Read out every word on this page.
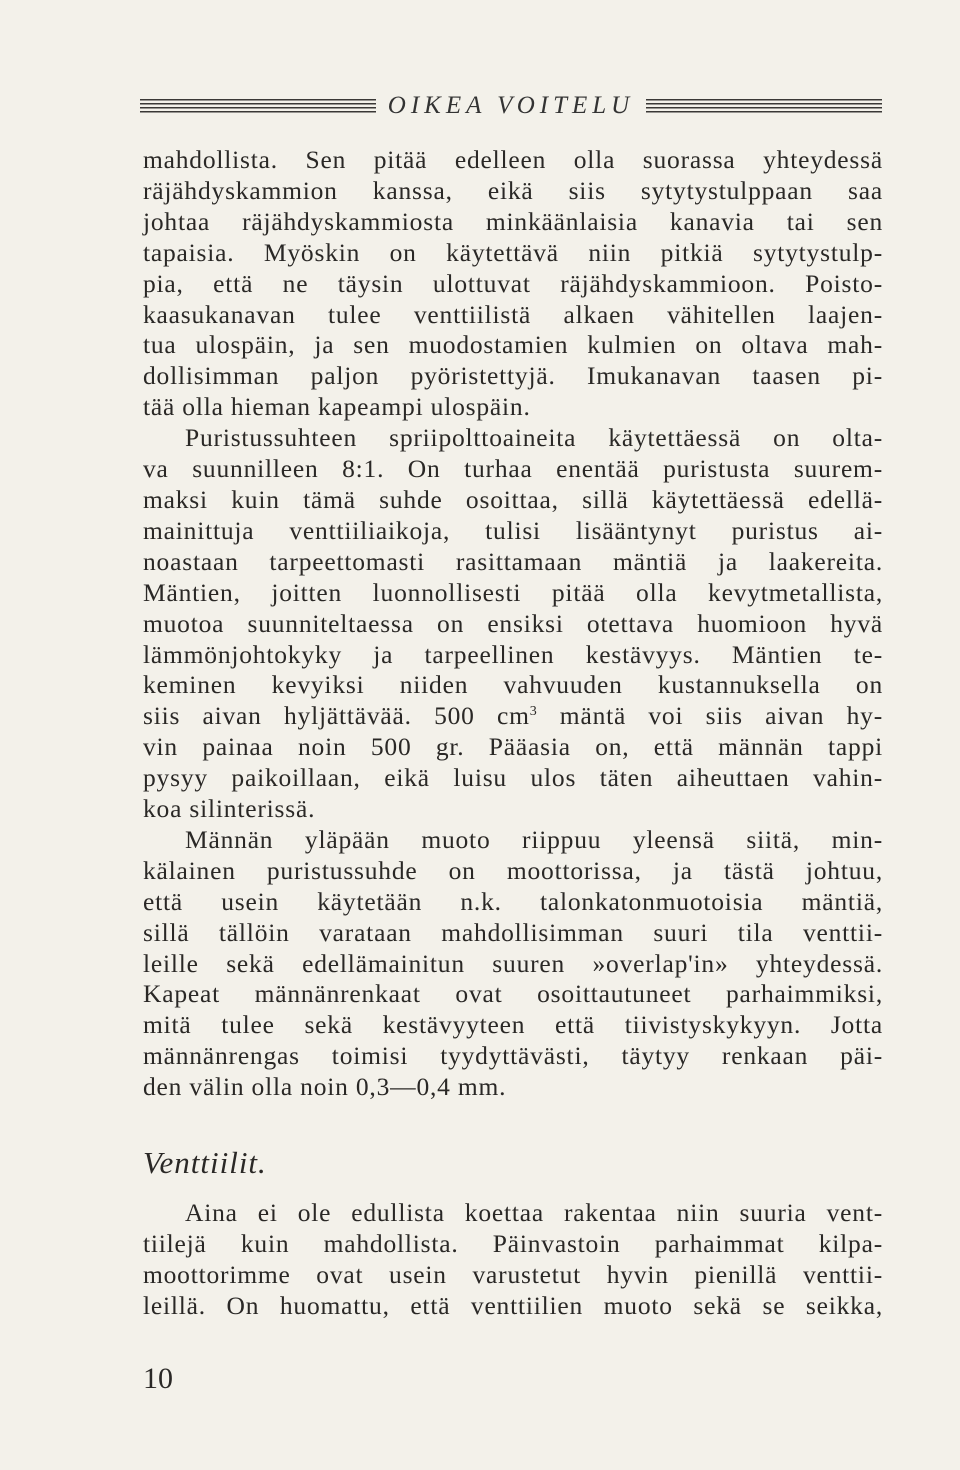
OIKEA VOITELU
mahdollista. Sen pitää edelleen olla suorassa yhteydessä
räjähdyskammion kanssa, eikä siis sytytystulppaan saa
johtaa räjähdyskammiosta minkäänlaisia kanavia tai sen
tapaisia. Myöskin on käytettävä niin pitkiä sytytystulp-
pia, että ne täysin ulottuvat räjähdyskammioon. Poisto-
kaasukanavan tulee venttiilistä alkaen vähitellen laajen-
tua ulospäin, ja sen muodostamien kulmien on oltava mah-
dollisimman paljon pyöristettyjä. Imukanavan taasen pi-
tää olla hieman kapeampi ulospäin.
Puristussuhteen spriipolttoaineita käytettäessä on olta-
va suunnilleen 8:1. On turhaa enentää puristusta suurem-
maksi kuin tämä suhde osoittaa, sillä käytettäessä edellä-
mainittuja venttiiliaikoja, tulisi lisääntynyt puristus ai-
noastaan tarpeettomasti rasittamaan mäntiä ja laakereita.
Mäntien, joitten luonnollisesti pitää olla kevytmetallista,
muotoa suunniteltaessa on ensiksi otettava huomioon hyvä
lämmönjohtokyky ja tarpeellinen kestävyys. Mäntien te-
keminen kevyiksi niiden vahvuuden kustannuksella on
siis aivan hyljättävää. 500 $cm^3$ mäntä voi siis aivan hy-
vin painaa noin 500 gr. Pääasia on, että männän tappi
pysyy paikoillaan, eikä luisu ulos täten aiheuttaen vahin-
koa silinterissä.
Männän yläpään muoto riippuu yleensä siitä, min-
kälainen puristussuhde on moottorissa, ja tästä johtuu,
että usein käytetään n.k. talonkatonmuotoisia mäntiä,
sillä tällöin varataan mahdollisimman suuri tila venttii-
leille sekä edellämainitun suuren »overlap'in» yhteydessä.
Kapeat männänrenkaat ovat osoittautuneet parhaimmiksi,
mitä tulee sekä kestävyyteen että tiivistyskykyyn. Jotta
männänrengas toimisi tyydyttävästi, täytyy renkaan päi-
den välin olla noin 0,3—0,4 mm.
Venttiilit.
Aina ei ole edullista koettaa rakentaa niin suuria vent-
tiilejä kuin mahdollista. Päinvastoin parhaimmat kilpa-
moottorimme ovat usein varustetut hyvin pienillä venttii-
leillä. On huomattu, että venttiilien muoto sekä se seikka,
10
